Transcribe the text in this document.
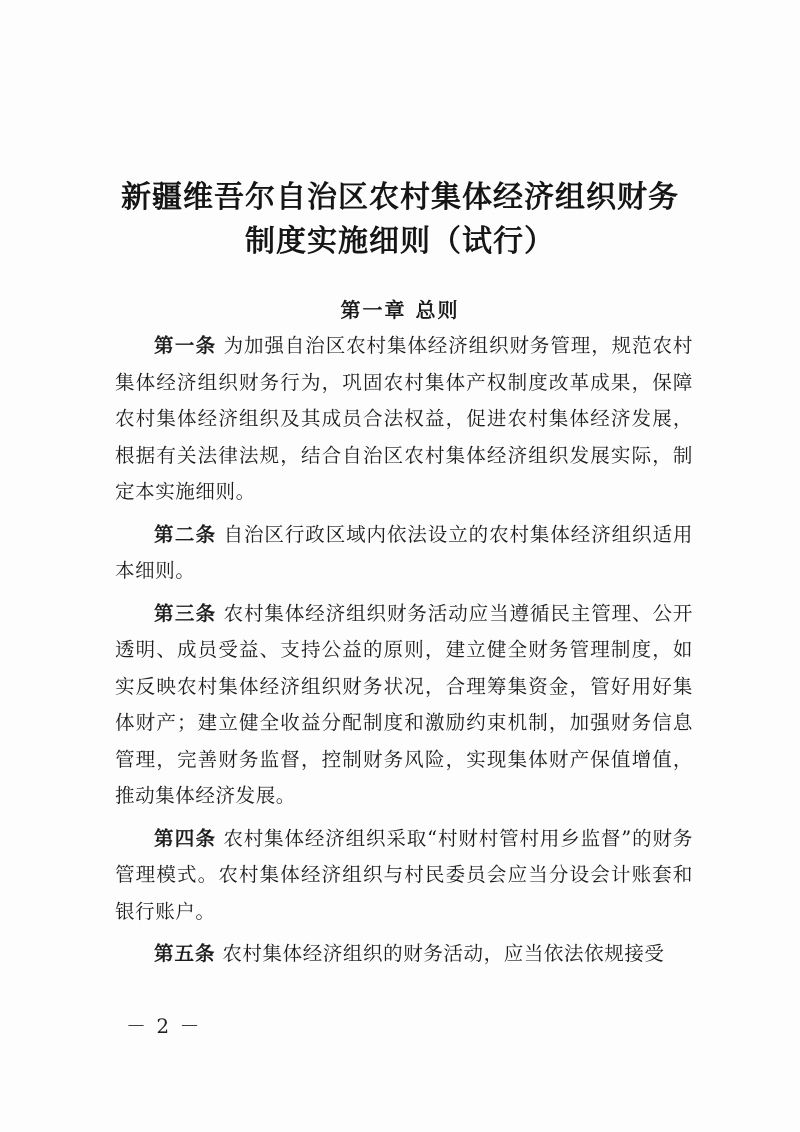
新疆维吾尔自治区农村集体经济组织财务
制度实施细则（试行）
第一章 总则

第一条 为加强自治区农村集体经济组织财务管理，规范农村集体经济组织财务行为，巩固农村集体产权制度改革成果，保障农村集体经济组织及其成员合法权益，促进农村集体经济发展，根据有关法律法规，结合自治区农村集体经济组织发展实际，制定本实施细则。

第二条 自治区行政区域内依法设立的农村集体经济组织适用本细则。

第三条 农村集体经济组织财务活动应当遵循民主管理、公开透明、成员受益、支持公益的原则，建立健全财务管理制度，如实反映农村集体经济组织财务状况，合理筹集资金，管好用好集体财产；建立健全收益分配制度和激励约束机制，加强财务信息管理，完善财务监督，控制财务风险，实现集体财产保值增值，推动集体经济发展。

第四条 农村集体经济组织采取“村财村管村用乡监督”的财务管理模式。农村集体经济组织与村民委员会应当分设会计账套和银行账户。

第五条 农村集体经济组织的财务活动，应当依法依规接受

－ 2 －
